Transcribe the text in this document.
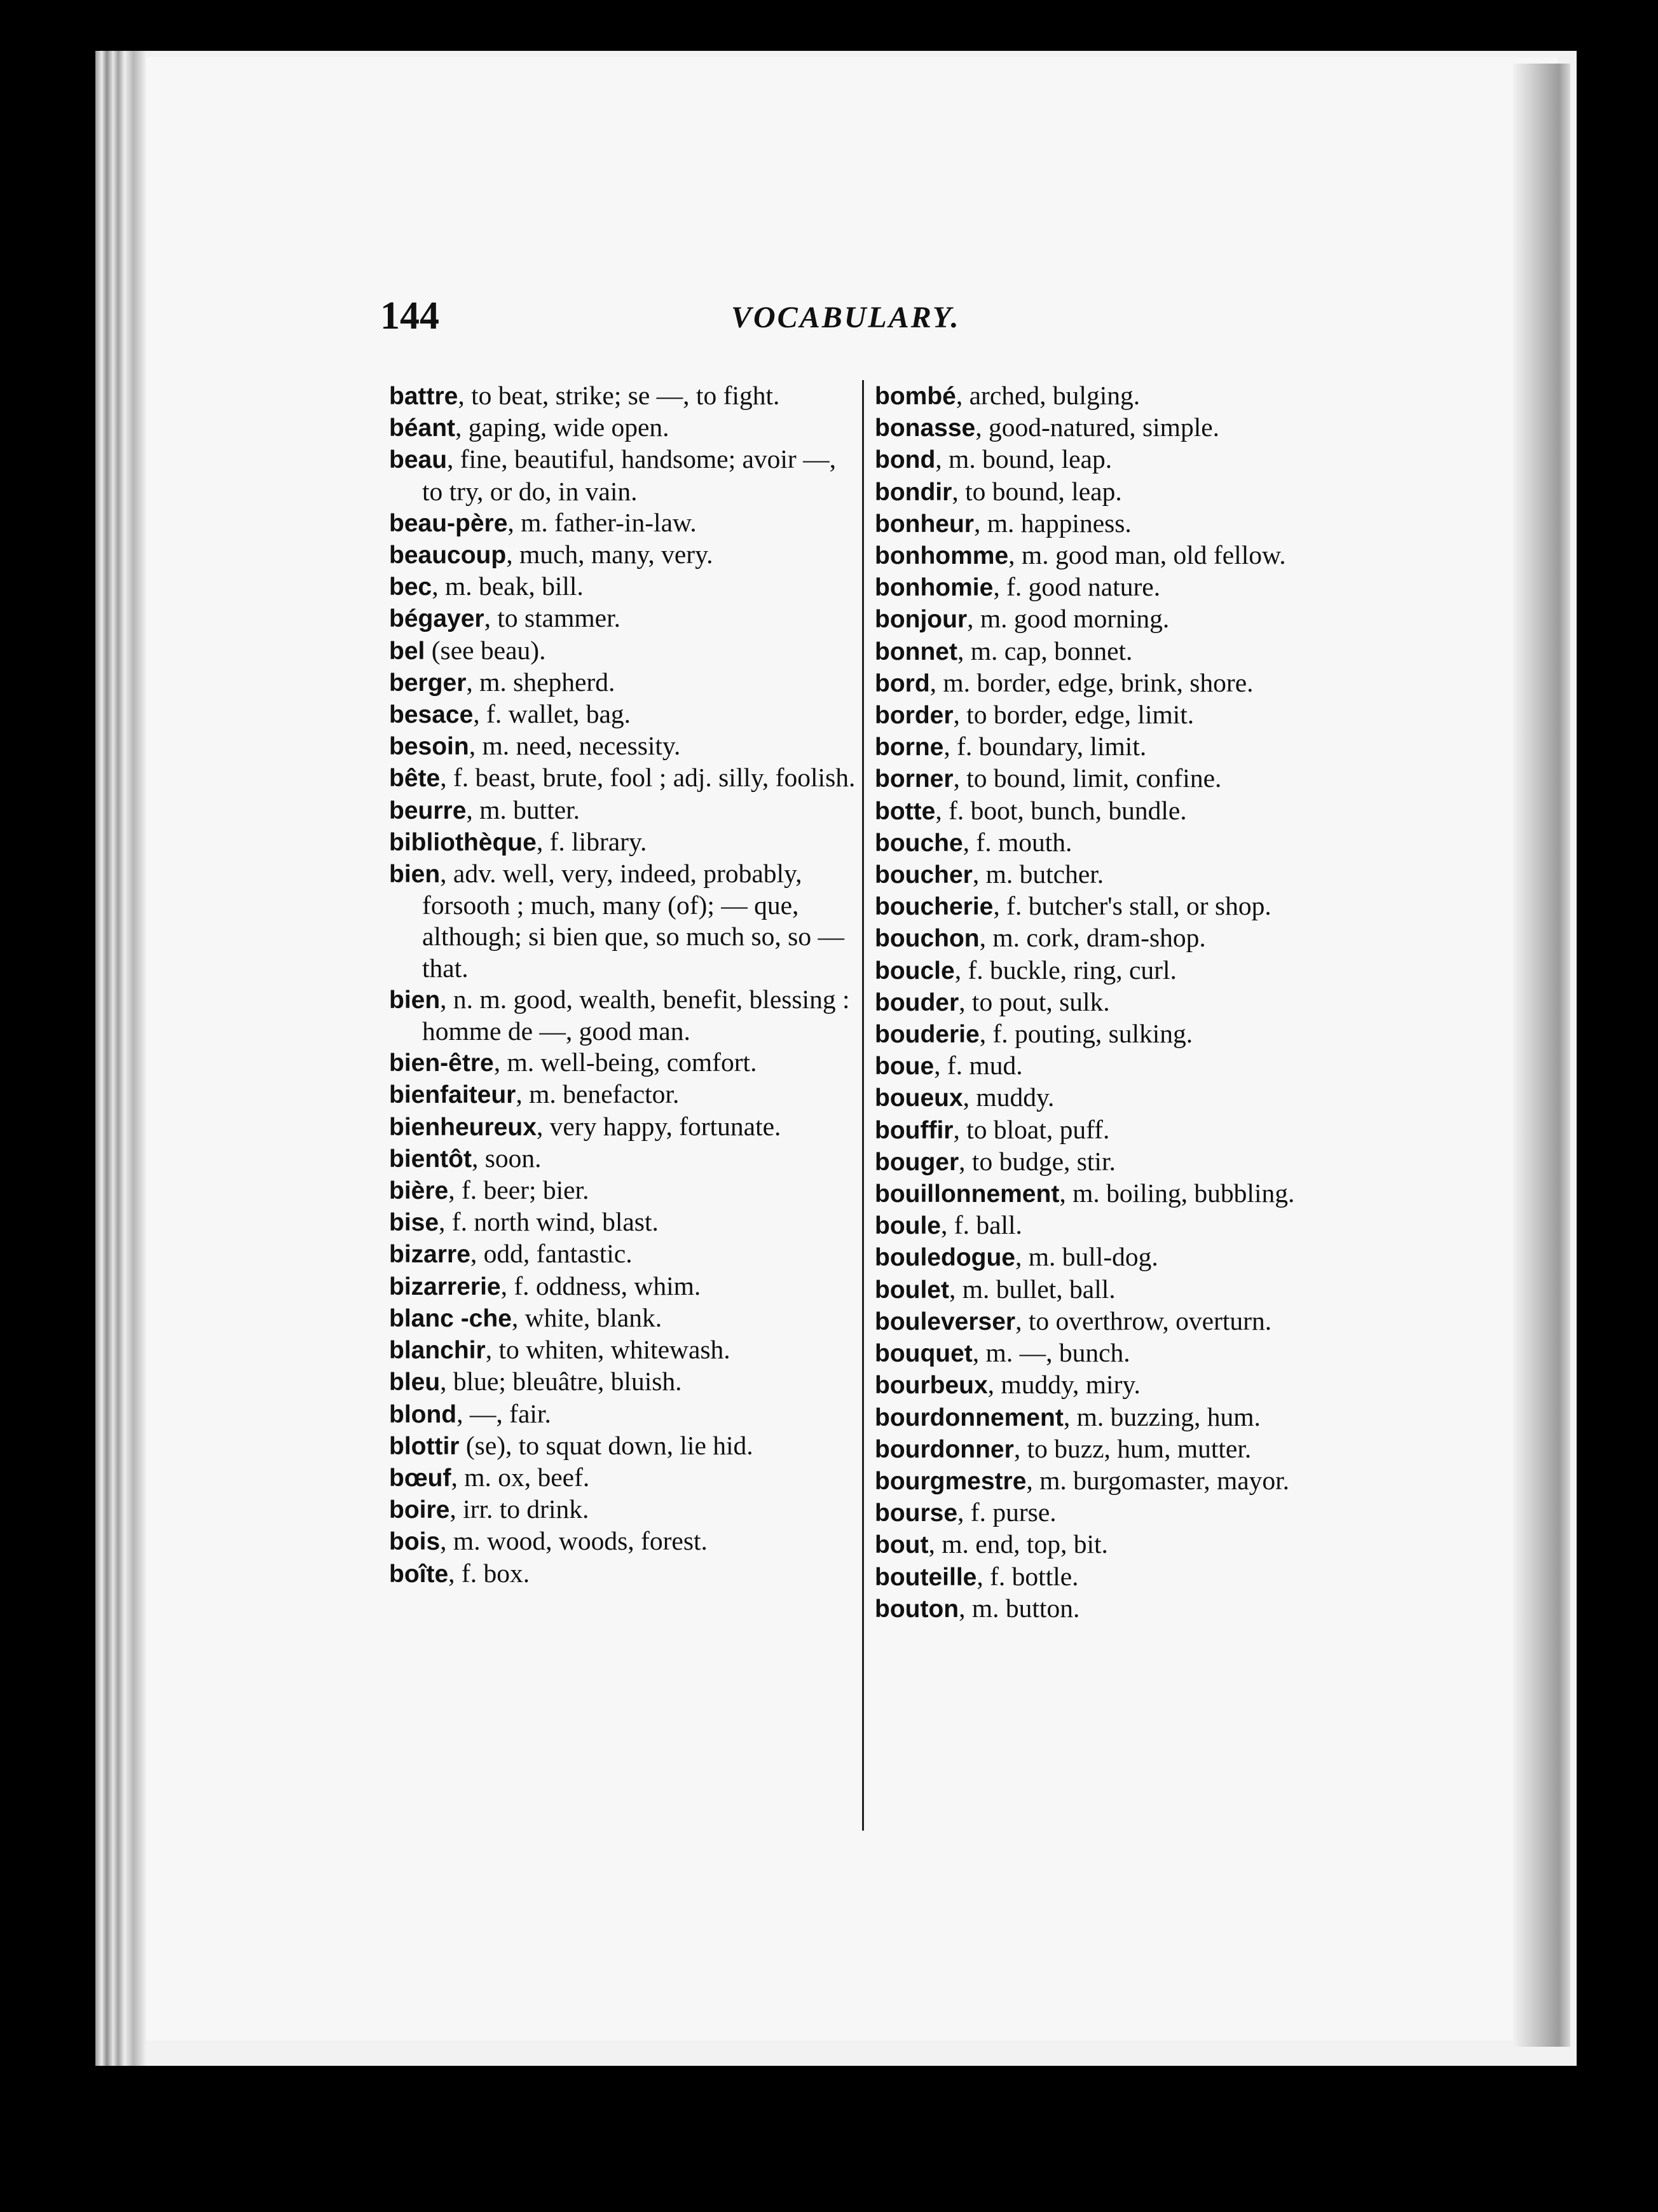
144	VOCABULARY.
battre, to beat, strike; se —, to fight.
béant, gaping, wide open.
beau, fine, beautiful, handsome; avoir —, to try, or do, in vain.
beau-père, m. father-in-law.
beaucoup, much, many, very.
bec, m. beak, bill.
bégayer, to stammer.
bel (see beau).
berger, m. shepherd.
besace, f. wallet, bag.
besoin, m. need, necessity.
bête, f. beast, brute, fool ; adj. silly, foolish.
beurre, m. butter.
bibliothèque, f. library.
bien, adv. well, very, indeed, probably, forsooth ; much, many (of); — que, although; si bien que, so much so, so — that.
bien, n. m. good, wealth, benefit, blessing : homme de —, good man.
bien-être, m. well-being, comfort.
bienfaiteur, m. benefactor.
bienheureux, very happy, fortunate.
bientôt, soon.
bière, f. beer; bier.
bise, f. north wind, blast.
bizarre, odd, fantastic.
bizarrerie, f. oddness, whim.
blanc -che, white, blank.
blanchir, to whiten, whitewash.
bleu, blue; bleuâtre, bluish.
blond, —, fair.
blottir (se), to squat down, lie hid.
bœuf, m. ox, beef.
boire, irr. to drink.
bois, m. wood, woods, forest.
boîte, f. box.
bombé, arched, bulging.
bonasse, good-natured, simple.
bond, m. bound, leap.
bondir, to bound, leap.
bonheur, m. happiness.
bonhomme, m. good man, old fellow.
bonhomie, f. good nature.
bonjour, m. good morning.
bonnet, m. cap, bonnet.
bord, m. border, edge, brink, shore.
border, to border, edge, limit.
borne, f. boundary, limit.
borner, to bound, limit, confine.
botte, f. boot, bunch, bundle.
bouche, f. mouth.
boucher, m. butcher.
boucherie, f. butcher's stall, or shop.
bouchon, m. cork, dram-shop.
boucle, f. buckle, ring, curl.
bouder, to pout, sulk.
bouderie, f. pouting, sulking.
boue, f. mud.
boueux, muddy.
bouffir, to bloat, puff.
bouger, to budge, stir.
bouillonnement, m. boiling, bubbling.
boule, f. ball.
bouledogue, m. bull-dog.
boulet, m. bullet, ball.
bouleverser, to overthrow, overturn.
bouquet, m. —, bunch.
bourbeux, muddy, miry.
bourdonnement, m. buzzing, hum.
bourdonner, to buzz, hum, mutter.
bourgmestre, m. burgomaster, mayor.
bourse, f. purse.
bout, m. end, top, bit.
bouteille, f. bottle.
bouton, m. button.
